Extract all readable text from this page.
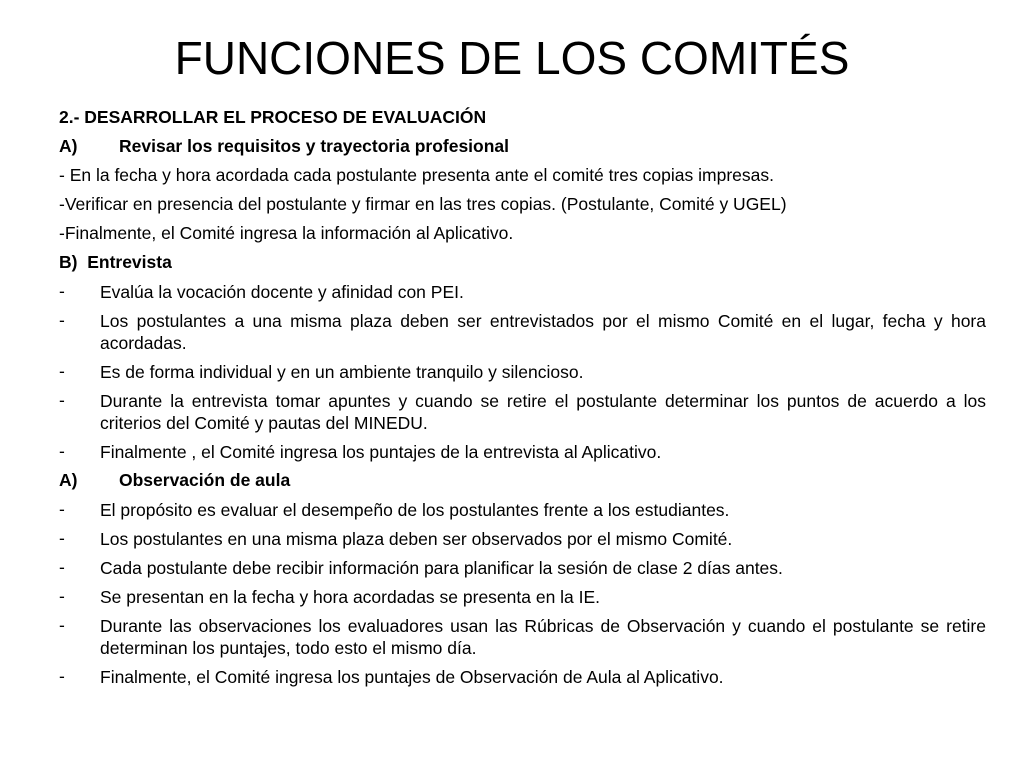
FUNCIONES DE LOS COMITÉS

2.- DESARROLLAR EL PROCESO DE EVALUACIÓN

A) Revisar los requisitos y trayectoria profesional

- En la fecha y hora acordada cada postulante presenta ante el comité tres copias impresas.

-Verificar en presencia del postulante y firmar en las tres copias. (Postulante, Comité y UGEL)

-Finalmente, el Comité ingresa la información al Aplicativo.

B) Entrevista

-	Evalúa la vocación docente y afinidad con PEI.
-	Los postulantes a una misma plaza deben ser entrevistados por el mismo Comité en el lugar, fecha y hora acordadas.
-	Es de forma individual y en un ambiente tranquilo y silencioso.
-	Durante la entrevista tomar apuntes y cuando se retire el postulante determinar los puntos de acuerdo a los criterios del Comité y pautas del MINEDU.
-	Finalmente , el Comité ingresa los puntajes de la entrevista al Aplicativo.

A) Observación de aula

-	El propósito es evaluar el desempeño de los postulantes frente a los estudiantes.
-	Los postulantes en una misma plaza deben ser observados por el mismo Comité.
-	Cada postulante debe recibir información para planificar la sesión de clase 2 días antes.
-	Se presentan en la fecha y hora acordadas se presenta en la IE.
-	Durante las observaciones los evaluadores usan las Rúbricas de Observación y cuando el postulante se retire determinan los puntajes, todo esto el mismo día.
-	Finalmente, el Comité ingresa los puntajes de Observación de Aula al Aplicativo.
